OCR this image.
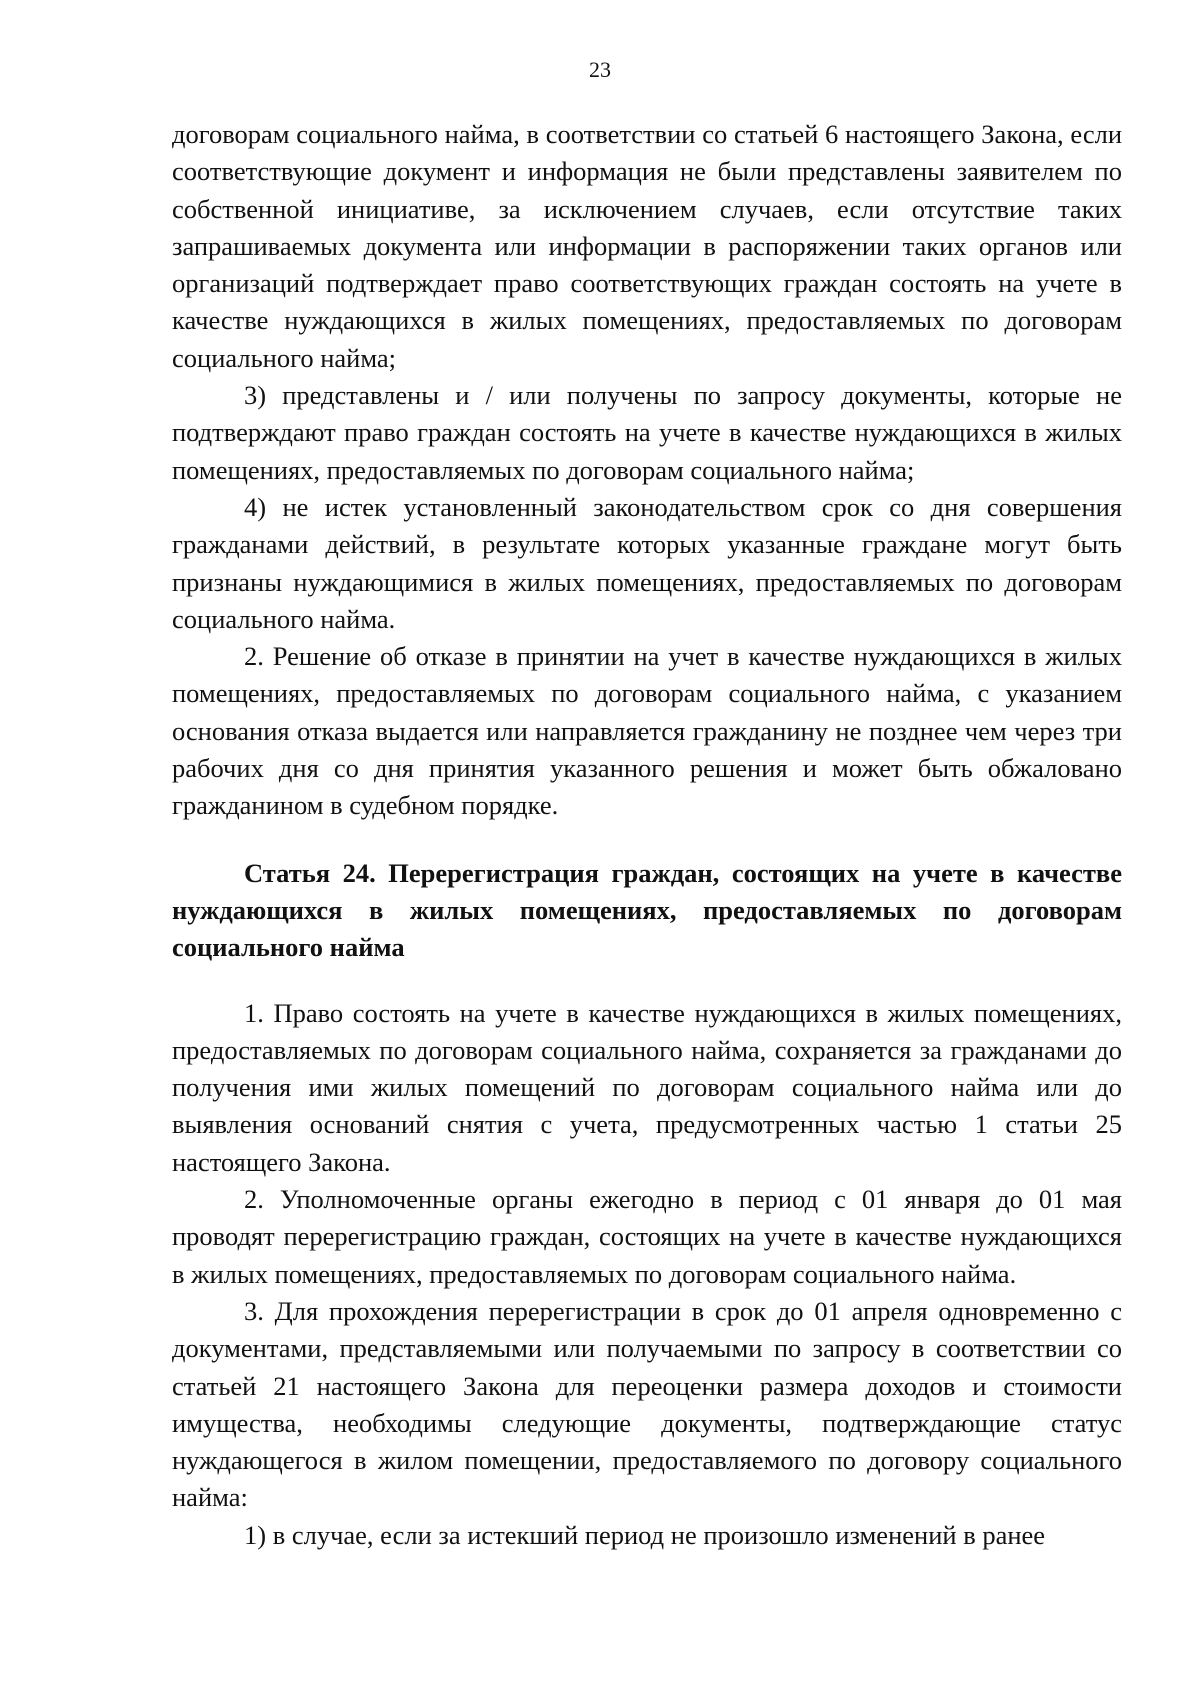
23

договорам социального найма, в соответствии со статьей 6 настоящего Закона, если соответствующие документ и информация не были представлены заявителем по собственной инициативе, за исключением случаев, если отсутствие таких запрашиваемых документа или информации в распоряжении таких органов или организаций подтверждает право соответствующих граждан состоять на учете в качестве нуждающихся в жилых помещениях, предоставляемых по договорам социального найма;

3) представлены и / или получены по запросу документы, которые не подтверждают право граждан состоять на учете в качестве нуждающихся в жилых помещениях, предоставляемых по договорам социального найма;

4) не истек установленный законодательством срок со дня совершения гражданами действий, в результате которых указанные граждане могут быть признаны нуждающимися в жилых помещениях, предоставляемых по договорам социального найма.

2. Решение об отказе в принятии на учет в качестве нуждающихся в жилых помещениях, предоставляемых по договорам социального найма, с указанием основания отказа выдается или направляется гражданину не позднее чем через три рабочих дня со дня принятия указанного решения и может быть обжаловано гражданином в судебном порядке.

Статья 24. Перерегистрация граждан, состоящих на учете в качестве нуждающихся в жилых помещениях, предоставляемых по договорам социального найма

1. Право состоять на учете в качестве нуждающихся в жилых помещениях, предоставляемых по договорам социального найма, сохраняется за гражданами до получения ими жилых помещений по договорам социального найма или до выявления оснований снятия с учета, предусмотренных частью 1 статьи 25 настоящего Закона.

2. Уполномоченные органы ежегодно в период с 01 января до 01 мая проводят перерегистрацию граждан, состоящих на учете в качестве нуждающихся в жилых помещениях, предоставляемых по договорам социального найма.

3. Для прохождения перерегистрации в срок до 01 апреля одновременно с документами, представляемыми или получаемыми по запросу в соответствии со статьей 21 настоящего Закона для переоценки размера доходов и стоимости имущества, необходимы следующие документы, подтверждающие статус нуждающегося в жилом помещении, предоставляемого по договору социального найма:

1) в случае, если за истекший период не произошло изменений в ранее
